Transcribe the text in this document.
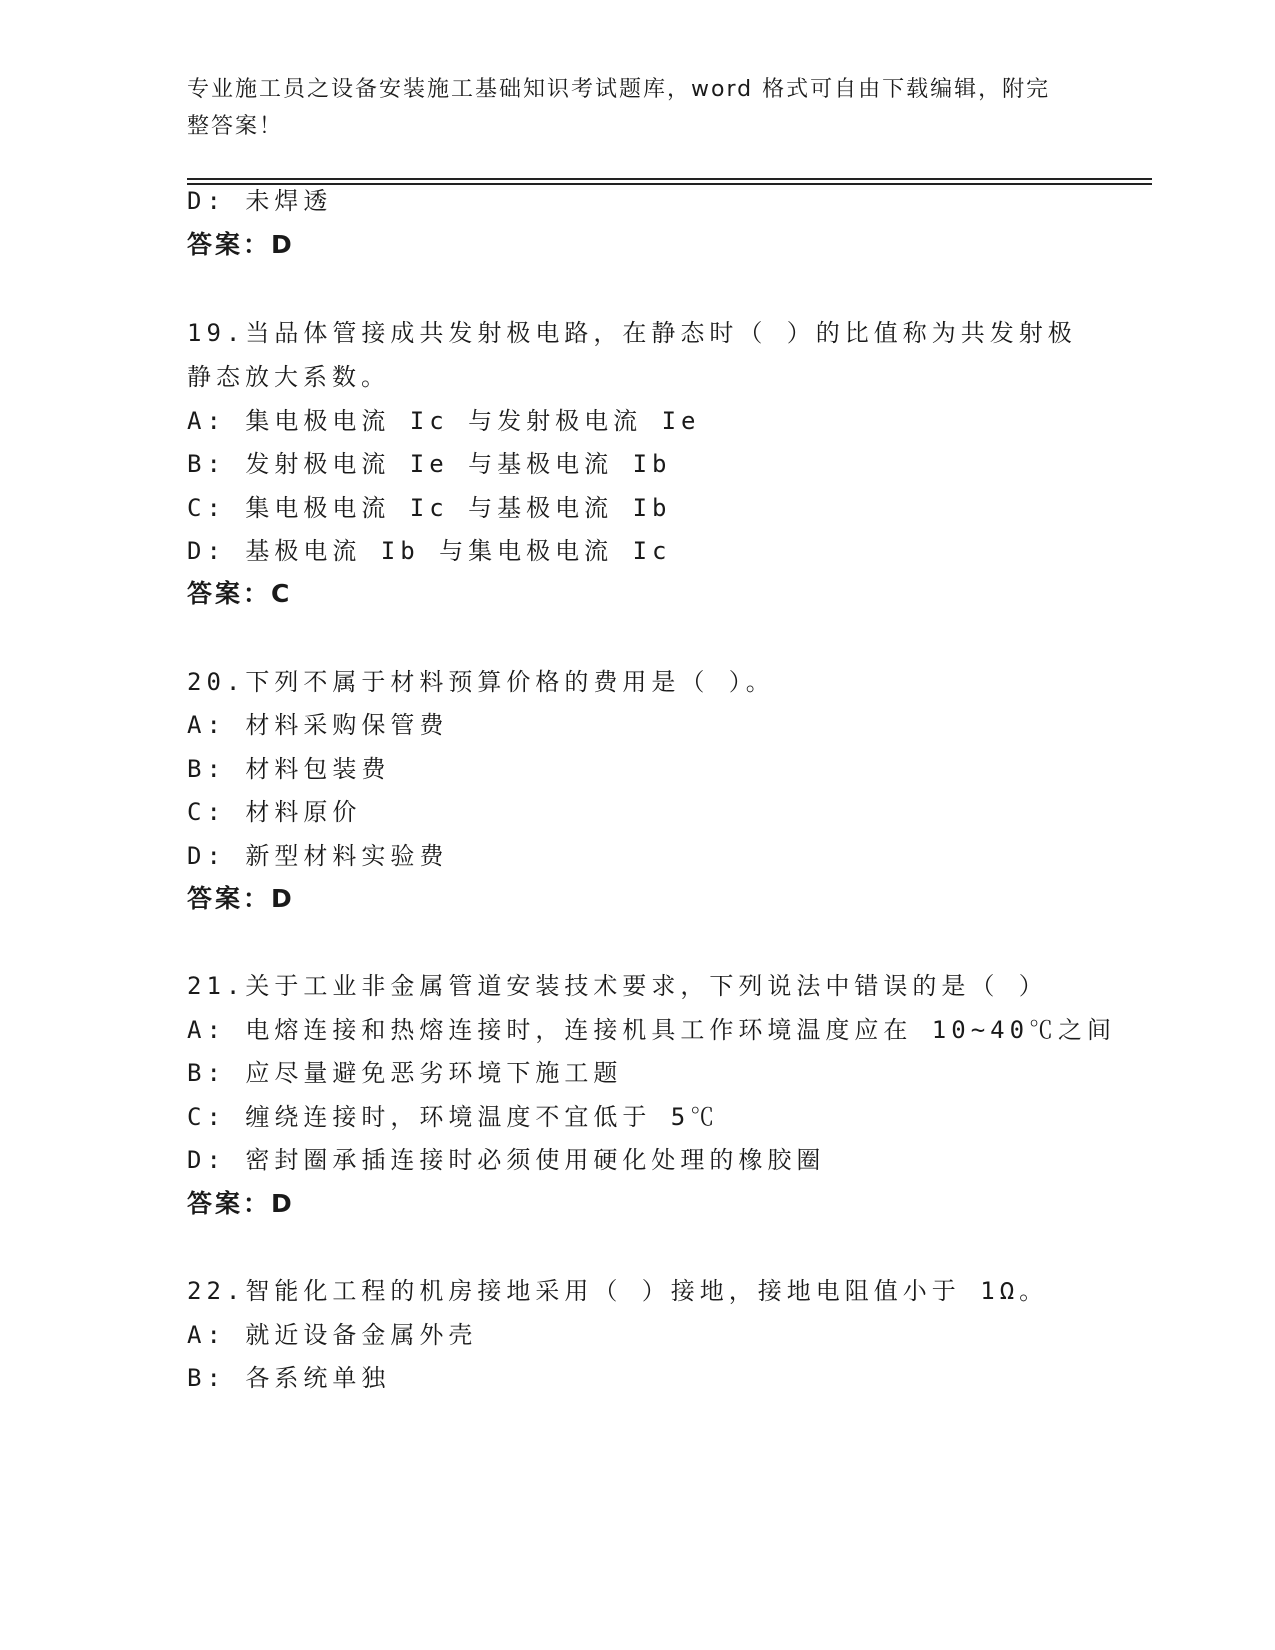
专业施工员之设备安装施工基础知识考试题库，word 格式可自由下载编辑，附完
整答案！
D: 未焊透
答案：D
19.当品体管接成共发射极电路，在静态时（ ）的比值称为共发射极
静态放大系数。
A: 集电极电流 Ic 与发射极电流 Ie
B: 发射极电流 Ie 与基极电流 Ib
C: 集电极电流 Ic 与基极电流 Ib
D: 基极电流 Ib 与集电极电流 Ic
答案：C
20.下列不属于材料预算价格的费用是（ ）。
A: 材料采购保管费
B: 材料包装费
C: 材料原价
D: 新型材料实验费
答案：D
21.关于工业非金属管道安装技术要求，下列说法中错误的是（ ）
A: 电熔连接和热熔连接时，连接机具工作环境温度应在 10~40℃之间
B: 应尽量避免恶劣环境下施工题
C: 缠绕连接时，环境温度不宜低于 5℃
D: 密封圈承插连接时必须使用硬化处理的橡胶圈
答案：D
22.智能化工程的机房接地采用（ ）接地，接地电阻值小于 1Ω。
A: 就近设备金属外壳
B: 各系统单独
